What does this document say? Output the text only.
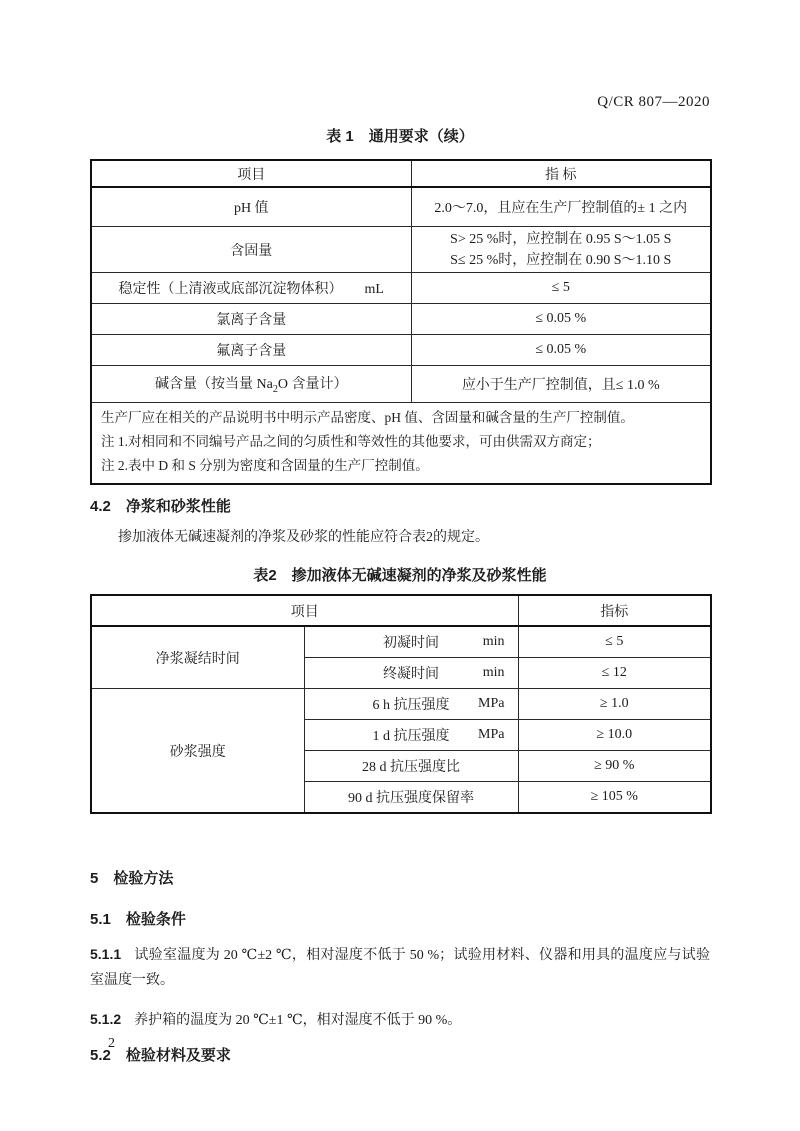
Q/CR 807—2020
表 1　通用要求（续）
项目	指 标
pH 值	2.0～7.0，且应在生产厂控制值的± 1 之内
含固量	S> 25 %时，应控制在 0.95 S～1.05 S
S≤ 25 %时，应控制在 0.90 S～1.10 S

稳定性（上清液或底部沉淀物体积） mL	≤ 5
氯离子含量	≤ 0.05 %
氟离子含量	≤ 0.05 %
碱含量（按当量 $Na_2O$ 含量计）	应小于生产厂控制值，且≤ 1.0 %

生产厂应在相关的产品说明书中明示产品密度、pH 值、含固量和碱含量的生产厂控制值。
注 1.对相同和不同编号产品之间的匀质性和等效性的其他要求，可由供需双方商定；
注 2.表中 D 和 S 分别为密度和含固量的生产厂控制值。	
4.2 净浆和砂浆性能
掺加液体无碱速凝剂的净浆及砂浆的性能应符合表2的规定。
表2　掺加液体无碱速凝剂的净浆及砂浆性能
项目		指标
净浆凝结时间	初凝时间 min	≤ 5
	终凝时间 min	≤ 12
砂浆强度	6 h 抗压强度 MPa	≥ 1.0
	1 d 抗压强度 MPa	≥ 10.0
	28 d 抗压强度比	≥ 90 %
	90 d 抗压强度保留率	≥ 105 %
5 检验方法
5.1 检验条件
5.1.1 试验室温度为 20 ℃±2 ℃，相对湿度不低于 50 %；试验用材料、仪器和用具的温度应与试验室温度一致。
5.1.2 养护箱的温度为 20 ℃±1 ℃，相对湿度不低于 90 %。
5.2 检验材料及要求
2
